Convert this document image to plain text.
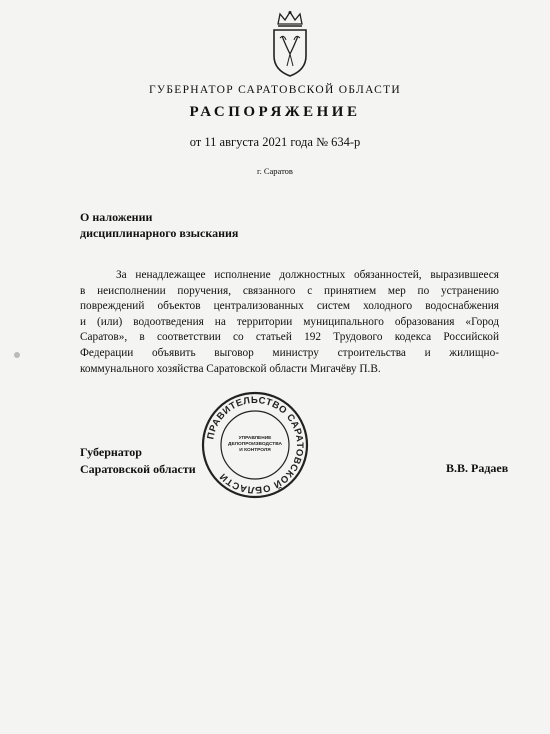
ГУБЕРНАТОР САРАТОВСКОЙ ОБЛАСТИ
РАСПОРЯЖЕНИЕ
от 11 августа 2021 года № 634-р
г. Саратов
О наложении
дисциплинарного взыскания
За ненадлежащее исполнение должностных обязанностей, выразившееся
в неисполнении поручения, связанного с принятием мер по устранению
повреждений объектов централизованных систем холодного водоснабжения
и (или) водоотведения на территории муниципального образования «Город
Саратов», в соответствии со статьей 192 Трудового кодекса Российской
Федерации объявить выговор министру строительства и жилищно-
коммунального хозяйства Саратовской области Мигачёву П.В.
Губернатор
Саратовской области	В.В. Радаев
ПРАВИТЕЛЬСТВО САРАТОВСКОЙ ОБЛАСТИ
УПРАВЛЕНИЕ
ДЕЛОПРОИЗВОДСТВА
И КОНТРОЛЯ
